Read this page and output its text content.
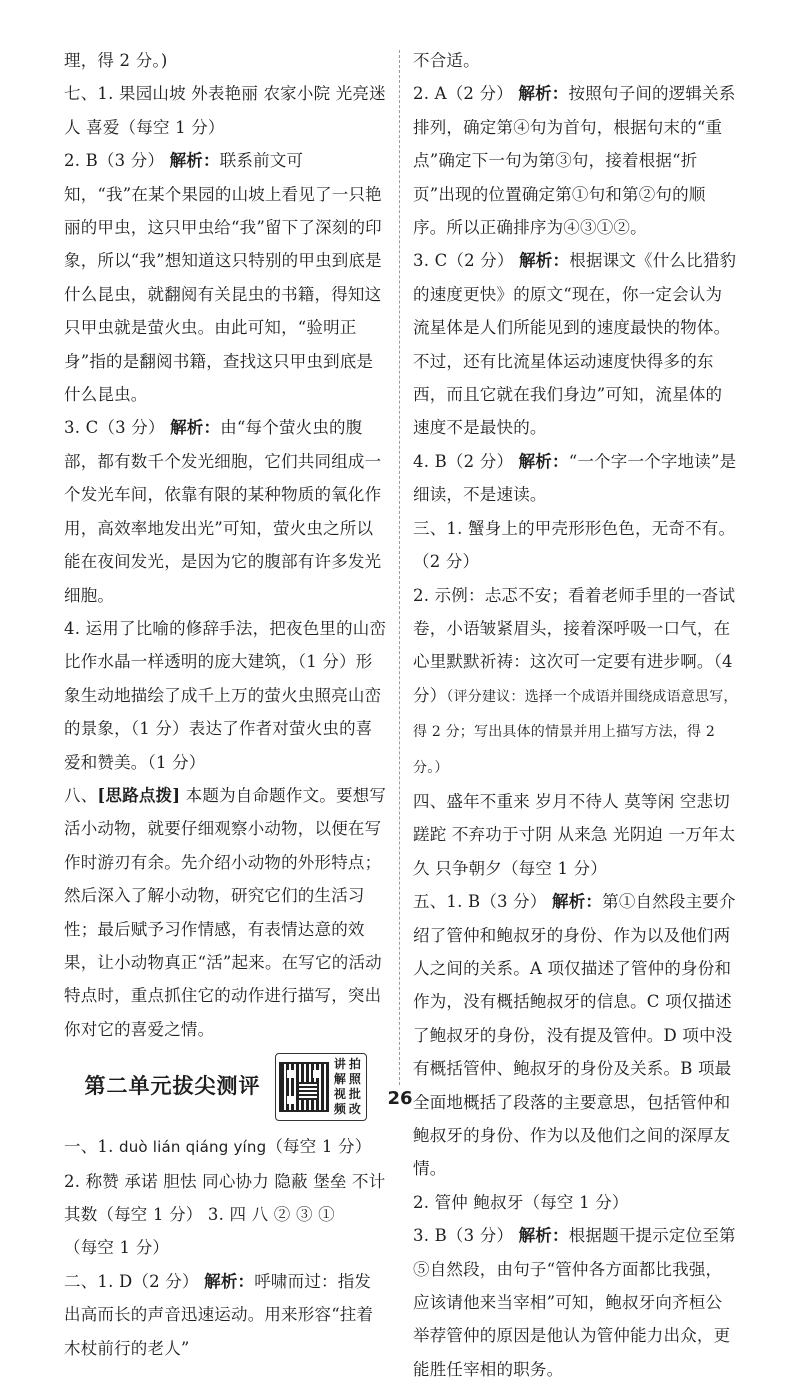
理，得 2 分。)

七、1. 果园山坡 外表艳丽 农家小院 光亮迷人 喜爱（每空 1 分）

2. B（3 分） 解析：联系前文可知，“我”在某个果园的山坡上看见了一只艳丽的甲虫，这只甲虫给“我”留下了深刻的印象，所以“我”想知道这只特别的甲虫到底是什么昆虫，就翻阅有关昆虫的书籍，得知这只甲虫就是萤火虫。由此可知，“验明正身”指的是翻阅书籍，查找这只甲虫到底是什么昆虫。

3. C（3 分） 解析：由“每个萤火虫的腹部，都有数千个发光细胞，它们共同组成一个发光车间，依靠有限的某种物质的氧化作用，高效率地发出光”可知，萤火虫之所以能在夜间发光，是因为它的腹部有许多发光细胞。

4. 运用了比喻的修辞手法，把夜色里的山峦比作水晶一样透明的庞大建筑，（1 分）形象生动地描绘了成千上万的萤火虫照亮山峦的景象，（1 分）表达了作者对萤火虫的喜爱和赞美。（1 分）

八、[思路点拨] 本题为自命题作文。要想写活小动物，就要仔细观察小动物，以便在写作时游刃有余。先介绍小动物的外形特点；然后深入了解小动物，研究它们的生活习性；最后赋予习作情感，有表情达意的效果，让小动物真正“活”起来。在写它的活动特点时，重点抓住它的动作进行描写，突出你对它的喜爱之情。

第二单元拔尖测评
讲 拍
解 照
视 批
频 改

一、1. duò lián qiáng yíng（每空 1 分）

2. 称赞 承诺 胆怯 同心协力 隐蔽 堡垒 不计其数（每空 1 分） 3. 四 八 ② ③ ①

（每空 1 分）

二、1. D（2 分） 解析：呼啸而过：指发出高而长的声音迅速运动。用来形容“拄着木杖前行的老人”

不合适。

2. A（2 分） 解析：按照句子间的逻辑关系排列，确定第④句为首句，根据句末的“重点”确定下一句为第③句，接着根据“折页”出现的位置确定第①句和第②句的顺序。所以正确排序为④③①②。

3. C（2 分） 解析：根据课文《什么比猎豹的速度更快》的原文“现在，你一定会认为流星体是人们所能见到的速度最快的物体。不过，还有比流星体运动速度快得多的东西，而且它就在我们身边”可知，流星体的速度不是最快的。

4. B（2 分） 解析：“一个字一个字地读”是细读，不是速读。

三、1. 蟹身上的甲壳形形色色，无奇不有。（2 分）

2. 示例：忐忑不安；看着老师手里的一沓试卷，小语皱紧眉头，接着深呼吸一口气，在心里默默祈祷：这次可一定要有进步啊。（4 分）（评分建议：选择一个成语并围绕成语意思写，得 2 分；写出具体的情景并用上描写方法，得 2 分。）

四、盛年不重来 岁月不待人 莫等闲 空悲切 蹉跎 不弃功于寸阴 从来急 光阴迫 一万年太久 只争朝夕（每空 1 分）

五、1. B（3 分） 解析：第①自然段主要介绍了管仲和鲍叔牙的身份、作为以及他们两人之间的关系。A 项仅描述了管仲的身份和作为，没有概括鲍叔牙的信息。C 项仅描述了鲍叔牙的身份，没有提及管仲。D 项中没有概括管仲、鲍叔牙的身份及关系。B 项最全面地概括了段落的主要意思，包括管仲和鲍叔牙的身份、作为以及他们之间的深厚友情。

2. 管仲 鲍叔牙（每空 1 分）

3. B（3 分） 解析：根据题干提示定位至第⑤自然段，由句子“管仲各方面都比我强，应该请他来当宰相”可知，鲍叔牙向齐桓公举荐管仲的原因是他认为管仲能力出众，更能胜任宰相的职务。

26
